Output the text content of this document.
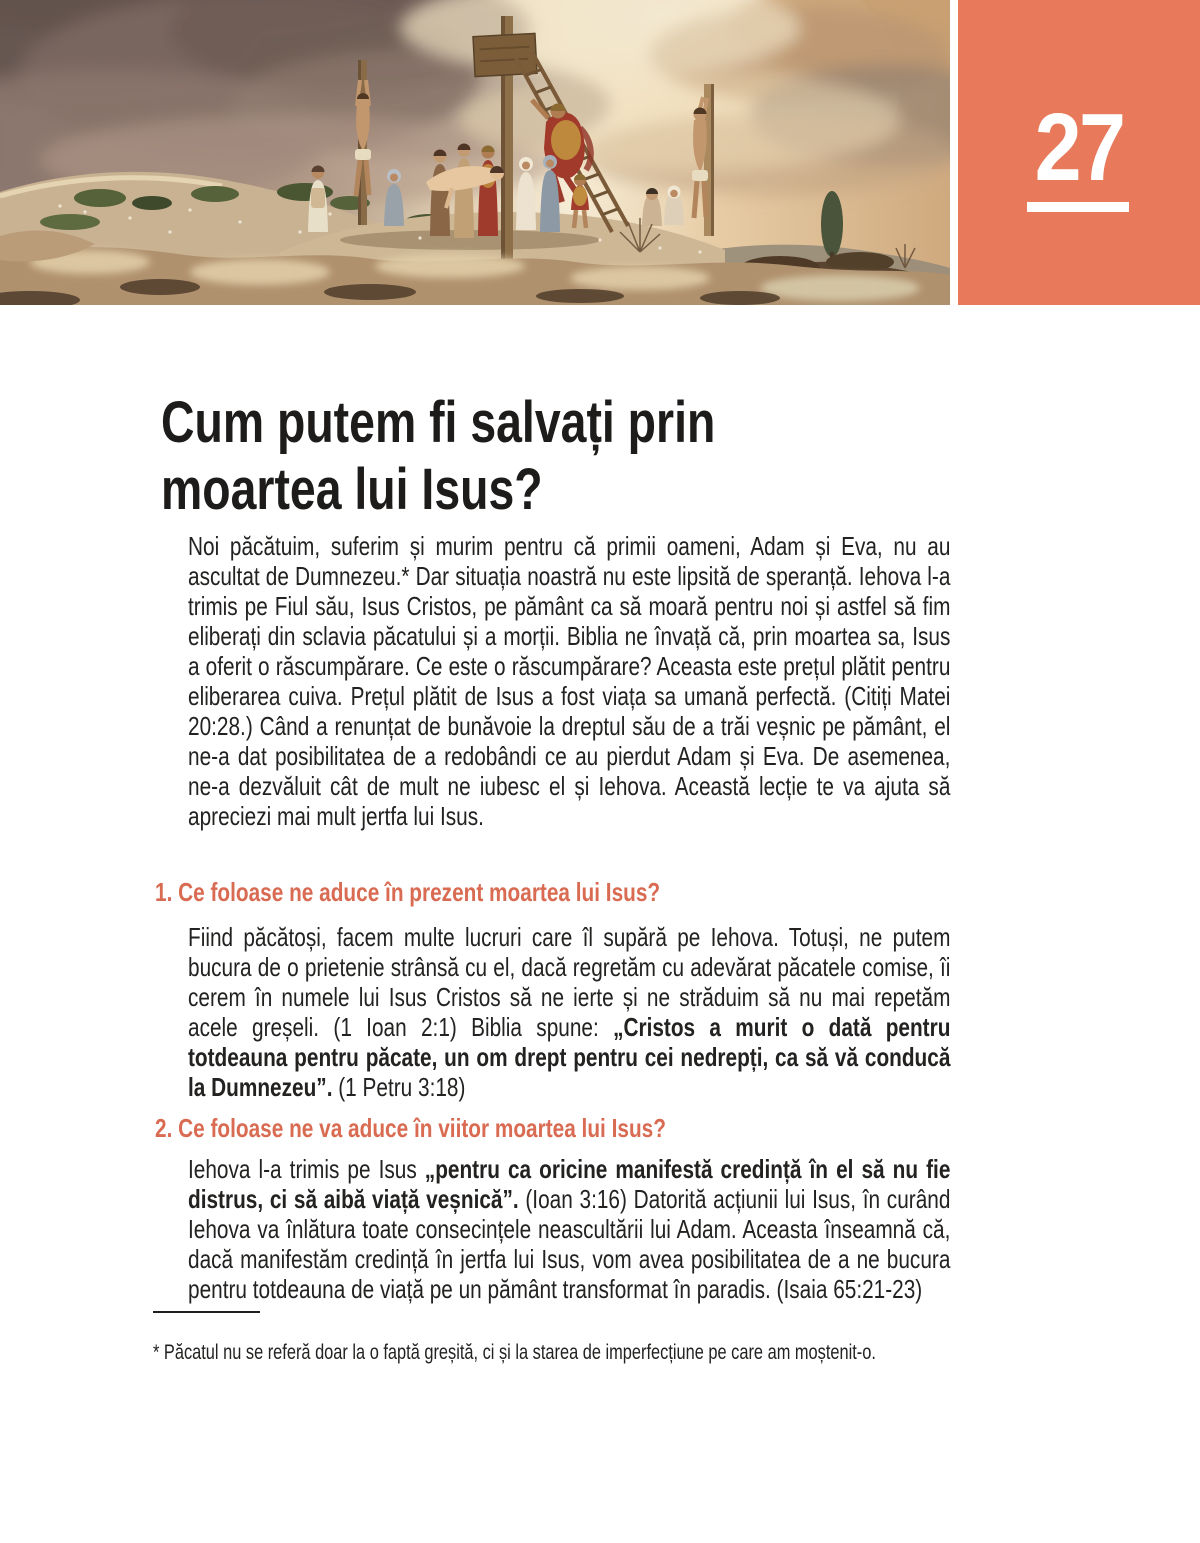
27
Cum putem fi salvați prin moartea lui Isus?

Noi păcătuim, suferim și murim pentru că primii oameni, Adam și Eva, nu au ascultat de Dumnezeu.* Dar situația noastră nu este lipsită de speranță. Iehova l-a trimis pe Fiul său, Isus Cristos, pe pământ ca să moară pentru noi și astfel să fim eliberați din sclavia păcatului și a morții. Biblia ne învață că, prin moartea sa, Isus a oferit o răscumpărare. Ce este o răscumpărare? Aceasta este prețul plătit pentru eliberarea cuiva. Prețul plătit de Isus a fost viața sa umană perfectă. (Citiți Matei 20:28.) Când a renunțat de bunăvoie la dreptul său de a trăi veșnic pe pământ, el ne-a dat posibilitatea de a redobândi ce au pierdut Adam și Eva. De asemenea, ne-a dezvăluit cât de mult ne iubesc el și Iehova. Această lecție te va ajuta să apreciezi mai mult jertfa lui Isus.

1. Ce foloase ne aduce în prezent moartea lui Isus?

Fiind păcătoși, facem multe lucruri care îl supără pe Iehova. Totuși, ne putem bucura de o prietenie strânsă cu el, dacă regretăm cu adevărat păcatele comise, îi cerem în numele lui Isus Cristos să ne ierte și ne străduim să nu mai repetăm acele greșeli. (1 Ioan 2:1) Biblia spune: „Cristos a murit o dată pentru totdeauna pentru păcate, un om drept pentru cei nedrepți, ca să vă conducă la Dumnezeu”. (1 Petru 3:18)

2. Ce foloase ne va aduce în viitor moartea lui Isus?

Iehova l-a trimis pe Isus „pentru ca oricine manifestă credință în el să nu fie distrus, ci să aibă viață veșnică”. (Ioan 3:16) Datorită acțiunii lui Isus, în curând Iehova va înlătura toate consecințele neascultării lui Adam. Aceasta înseamnă că, dacă manifestăm credință în jertfa lui Isus, vom avea posibilitatea de a ne bucura pentru totdeauna de viață pe un pământ transformat în paradis. (Isaia 65:21-23)

* Păcatul nu se referă doar la o faptă greșită, ci și la starea de imperfecțiune pe care am moștenit-o.
